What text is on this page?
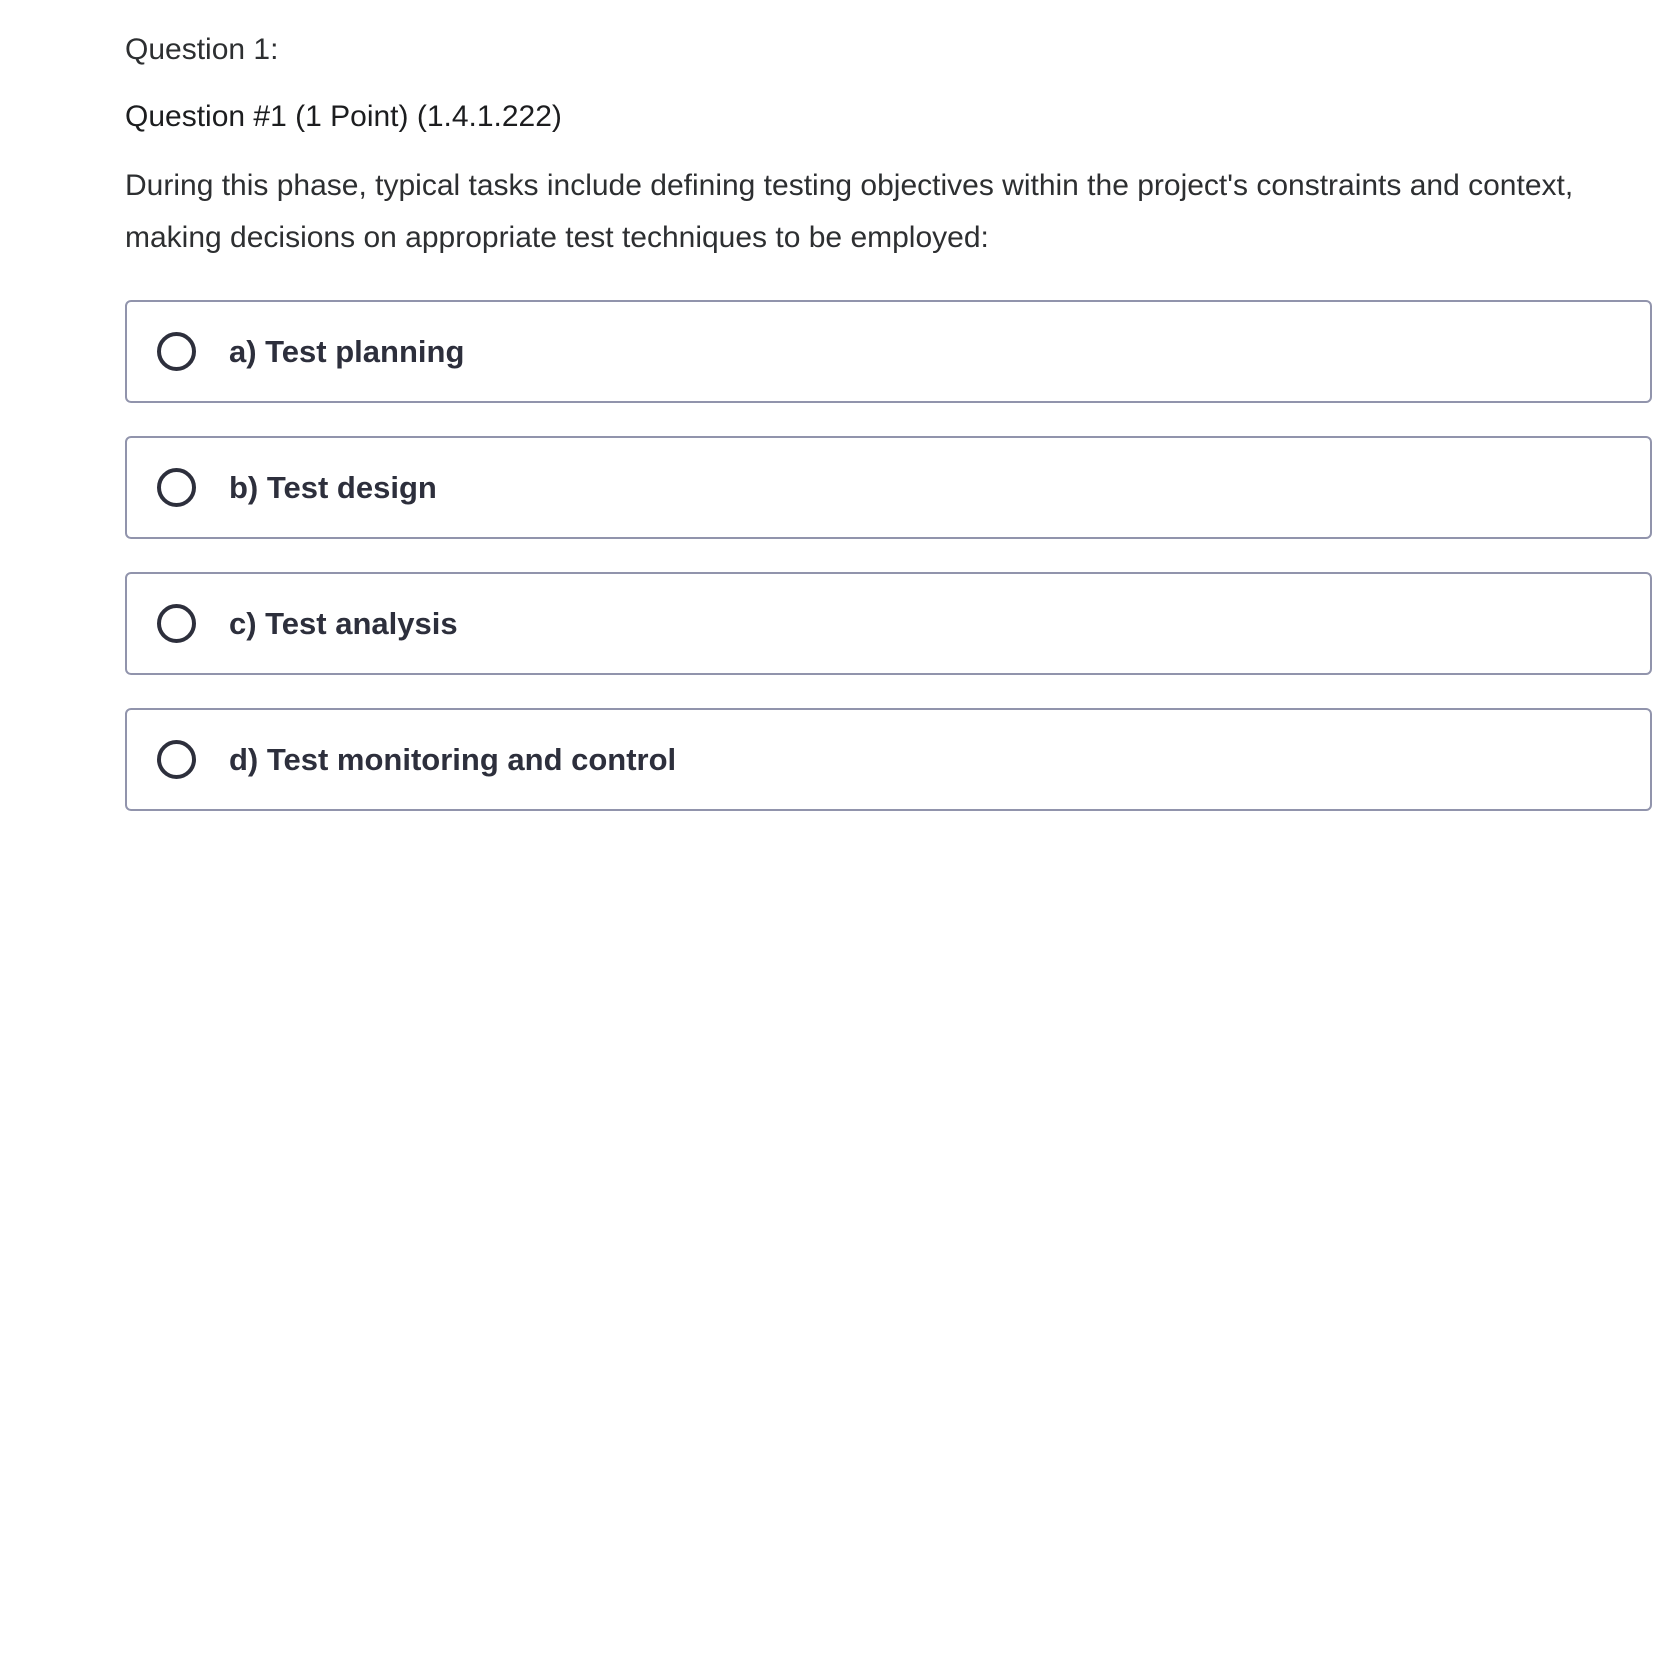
Question 1:
Question #1 (1 Point) (1.4.1.222)
During this phase, typical tasks include defining testing objectives within the project's constraints and context, making decisions on appropriate test techniques to be employed:
a) Test planning
b) Test design
c) Test analysis
d) Test monitoring and control
